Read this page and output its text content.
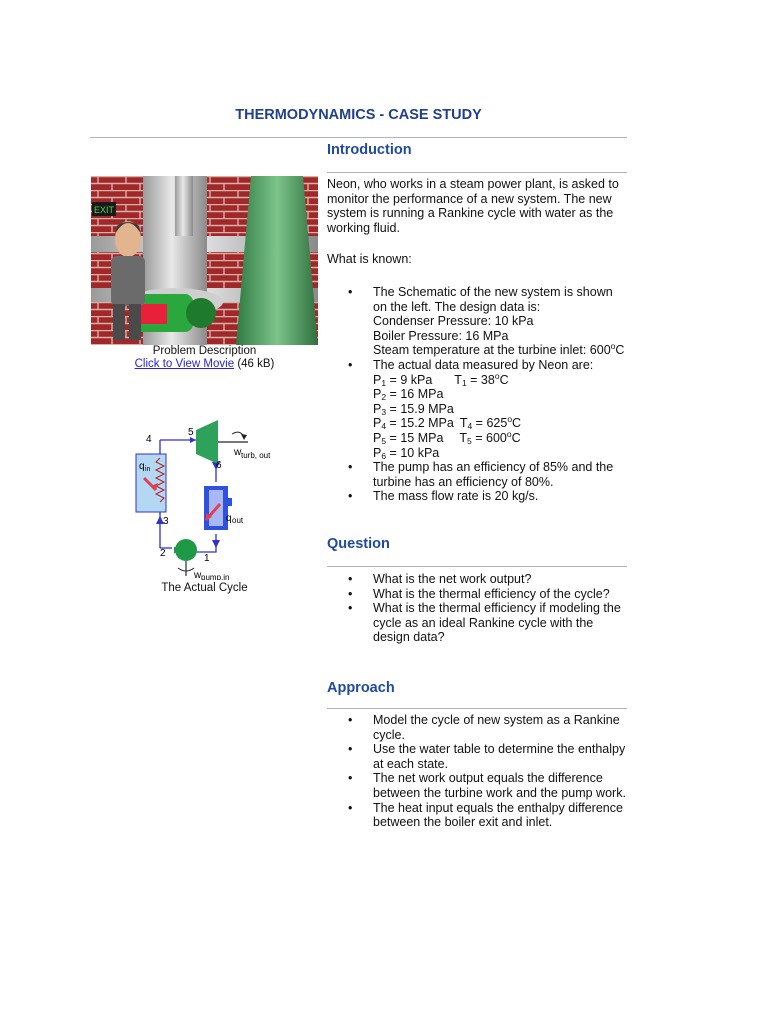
THERMODYNAMICS - CASE STUDY
EXIT
Problem Description
Click to View Movie (46 kB)
4
5
6
3
2	1
q in
q out
w turb, out
w pump,in
The Actual Cycle
Introduction

Neon, who works in a steam power plant, is asked to monitor the performance of a new system. The new system is running a Rankine cycle with water as the working fluid.

What is known:

• The Schematic of the new system is shown on the left. The design data is:
Condenser Pressure: 10 kPa
Boiler Pressure: 16 MPa
Steam temperature at the turbine inlet: 600$^o$C
• The actual data measured by Neon are:
$P_1 = 9$ kPa $T_1 = 38^oC$
$P_2 = 16$ MPa
$P_3 = 15.9$ MPa
$P_4 = 15.2$ MPa $T_4 = 625^oC$
$P_5 = 15$ MPa $T_5 = 600^oC$
$P_6 = 10$ kPa
• The pump has an efficiency of 85% and the turbine has an efficiency of 80%.
• The mass flow rate is 20 kg/s.
Question
• What is the net work output?
• What is the thermal efficiency of the cycle?
• What is the thermal efficiency if modeling the cycle as an ideal Rankine cycle with the design data?
Approach
• Model the cycle of new system as a Rankine cycle.
• Use the water table to determine the enthalpy at each state.
• The net work output equals the difference between the turbine work and the pump work.
• The heat input equals the enthalpy difference between the boiler exit and inlet.
